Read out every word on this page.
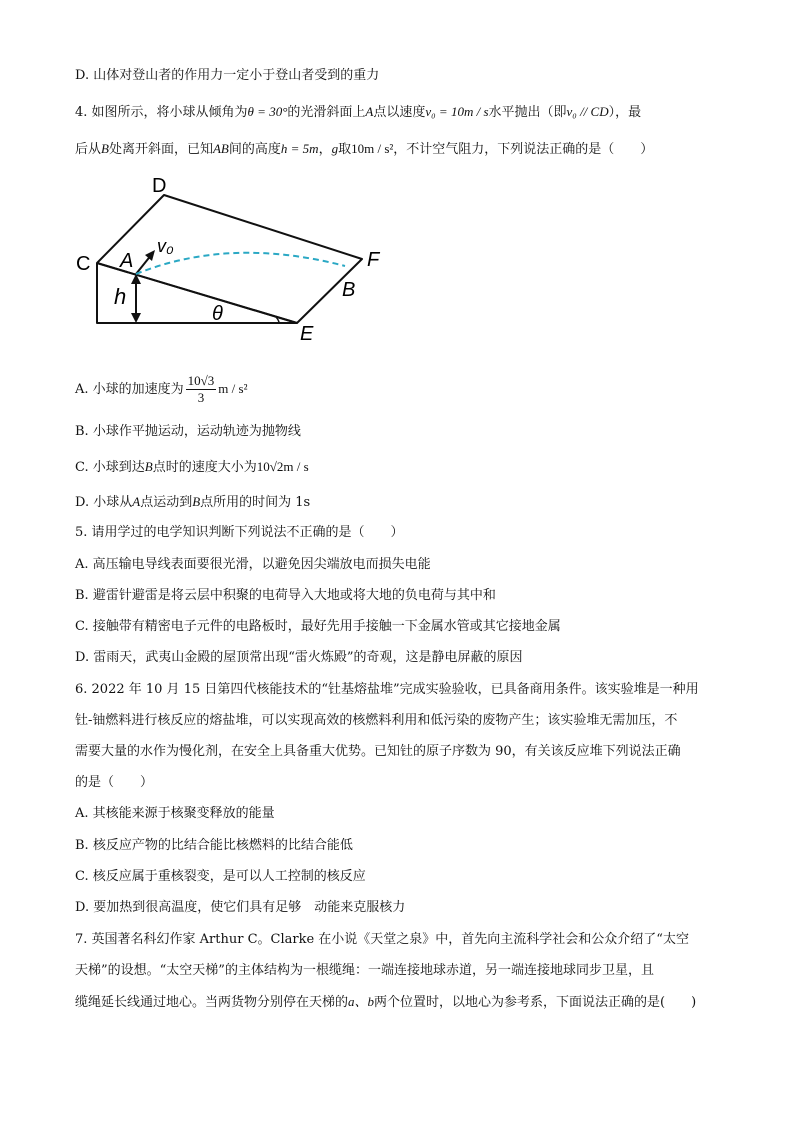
D. 山体对登山者的作用力一定小于登山者受到的重力
4. 如图所示，将小球从倾角为θ = 30°的光滑斜面上A点以速度v₀ = 10m / s水平抛出（即v₀ // CD），最
后从B处离开斜面，已知AB间的高度h = 5m，g取10m / s²，不计空气阻力，下列说法正确的是（　　）
D
C A
v₀
F
B
h
θ
E
A. 小球的加速度为 $\frac{10√3}{3}$ m / s²
B. 小球作平抛运动，运动轨迹为抛物线
C. 小球到达B点时的速度大小为10√2m / s
D. 小球从A点运动到B点所用的时间为 1s
5. 请用学过的电学知识判断下列说法不正确的是（　　）
A. 高压输电导线表面要很光滑，以避免因尖端放电而损失电能
B. 避雷针避雷是将云层中积聚的电荷导入大地或将大地的负电荷与其中和
C. 接触带有精密电子元件的电路板时，最好先用手接触一下金属水管或其它接地金属
D. 雷雨天，武夷山金殿的屋顶常出现“雷火炼殿”的奇观，这是静电屏蔽的原因
6. 2022 年 10 月 15 日第四代核能技术的“钍基熔盐堆”完成实验验收，已具备商用条件。该实验堆是一种用
钍-铀燃料进行核反应的熔盐堆，可以实现高效的核燃料利用和低污染的废物产生；该实验堆无需加压，不
需要大量的水作为慢化剂，在安全上具备重大优势。已知钍的原子序数为 90，有关该反应堆下列说法正确
的是（　　）
A. 其核能来源于核聚变释放的能量
B. 核反应产物的比结合能比核燃料的比结合能低
C. 核反应属于重核裂变，是可以人工控制的核反应
D. 要加热到很高温度，使它们具有足够　动能来克服核力
7. 英国著名科幻作家 Arthur C。Clarke 在小说《天堂之泉》中，首先向主流科学社会和公众介绍了“太空
天梯”的设想。“太空天梯”的主体结构为一根缆绳：一端连接地球赤道，另一端连接地球同步卫星，且
缆绳延长线通过地心。当两货物分别停在天梯的a、b两个位置时，以地心为参考系，下面说法正确的是(　　)
